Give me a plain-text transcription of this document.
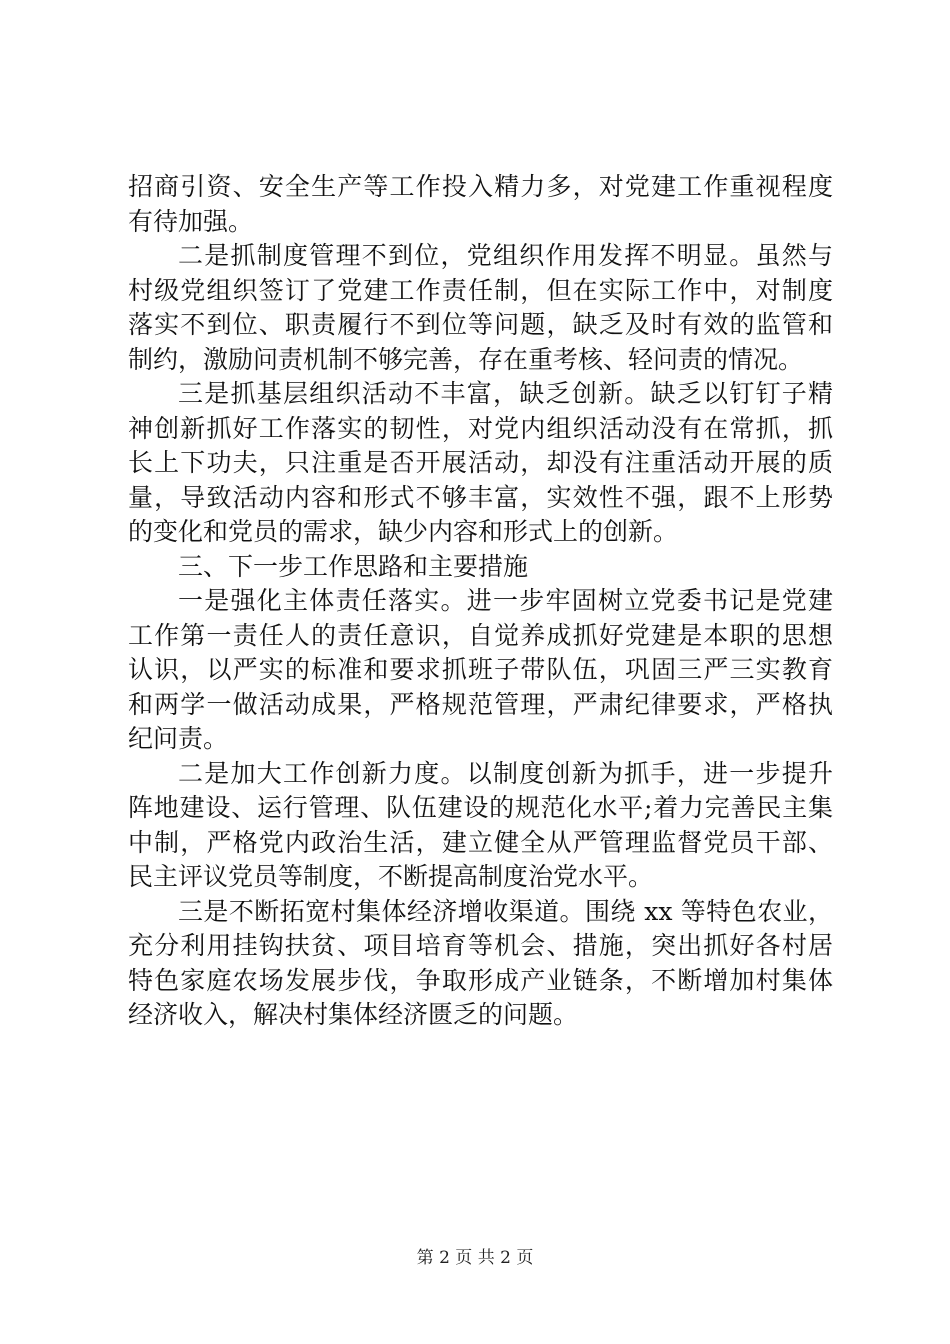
招商引资、安全生产等工作投入精力多，对党建工作重视程度
有待加强。
二是抓制度管理不到位，党组织作用发挥不明显。虽然与
村级党组织签订了党建工作责任制，但在实际工作中，对制度
落实不到位、职责履行不到位等问题，缺乏及时有效的监管和
制约，激励问责机制不够完善，存在重考核、轻问责的情况。
三是抓基层组织活动不丰富，缺乏创新。缺乏以钉钉子精
神创新抓好工作落实的韧性，对党内组织活动没有在常抓，抓
长上下功夫，只注重是否开展活动，却没有注重活动开展的质
量，导致活动内容和形式不够丰富，实效性不强，跟不上形势
的变化和党员的需求，缺少内容和形式上的创新。
三、下一步工作思路和主要措施
一是强化主体责任落实。进一步牢固树立党委书记是党建
工作第一责任人的责任意识，自觉养成抓好党建是本职的思想
认识，以严实的标准和要求抓班子带队伍，巩固三严三实教育
和两学一做活动成果，严格规范管理，严肃纪律要求，严格执
纪问责。
二是加大工作创新力度。以制度创新为抓手，进一步提升
阵地建设、运行管理、队伍建设的规范化水平;着力完善民主集
中制，严格党内政治生活，建立健全从严管理监督党员干部、
民主评议党员等制度，不断提高制度治党水平。
三是不断拓宽村集体经济增收渠道。围绕 xx 等特色农业，
充分利用挂钩扶贫、项目培育等机会、措施，突出抓好各村居
特色家庭农场发展步伐，争取形成产业链条，不断增加村集体
经济收入，解决村集体经济匮乏的问题。
第 2 页 共 2 页
